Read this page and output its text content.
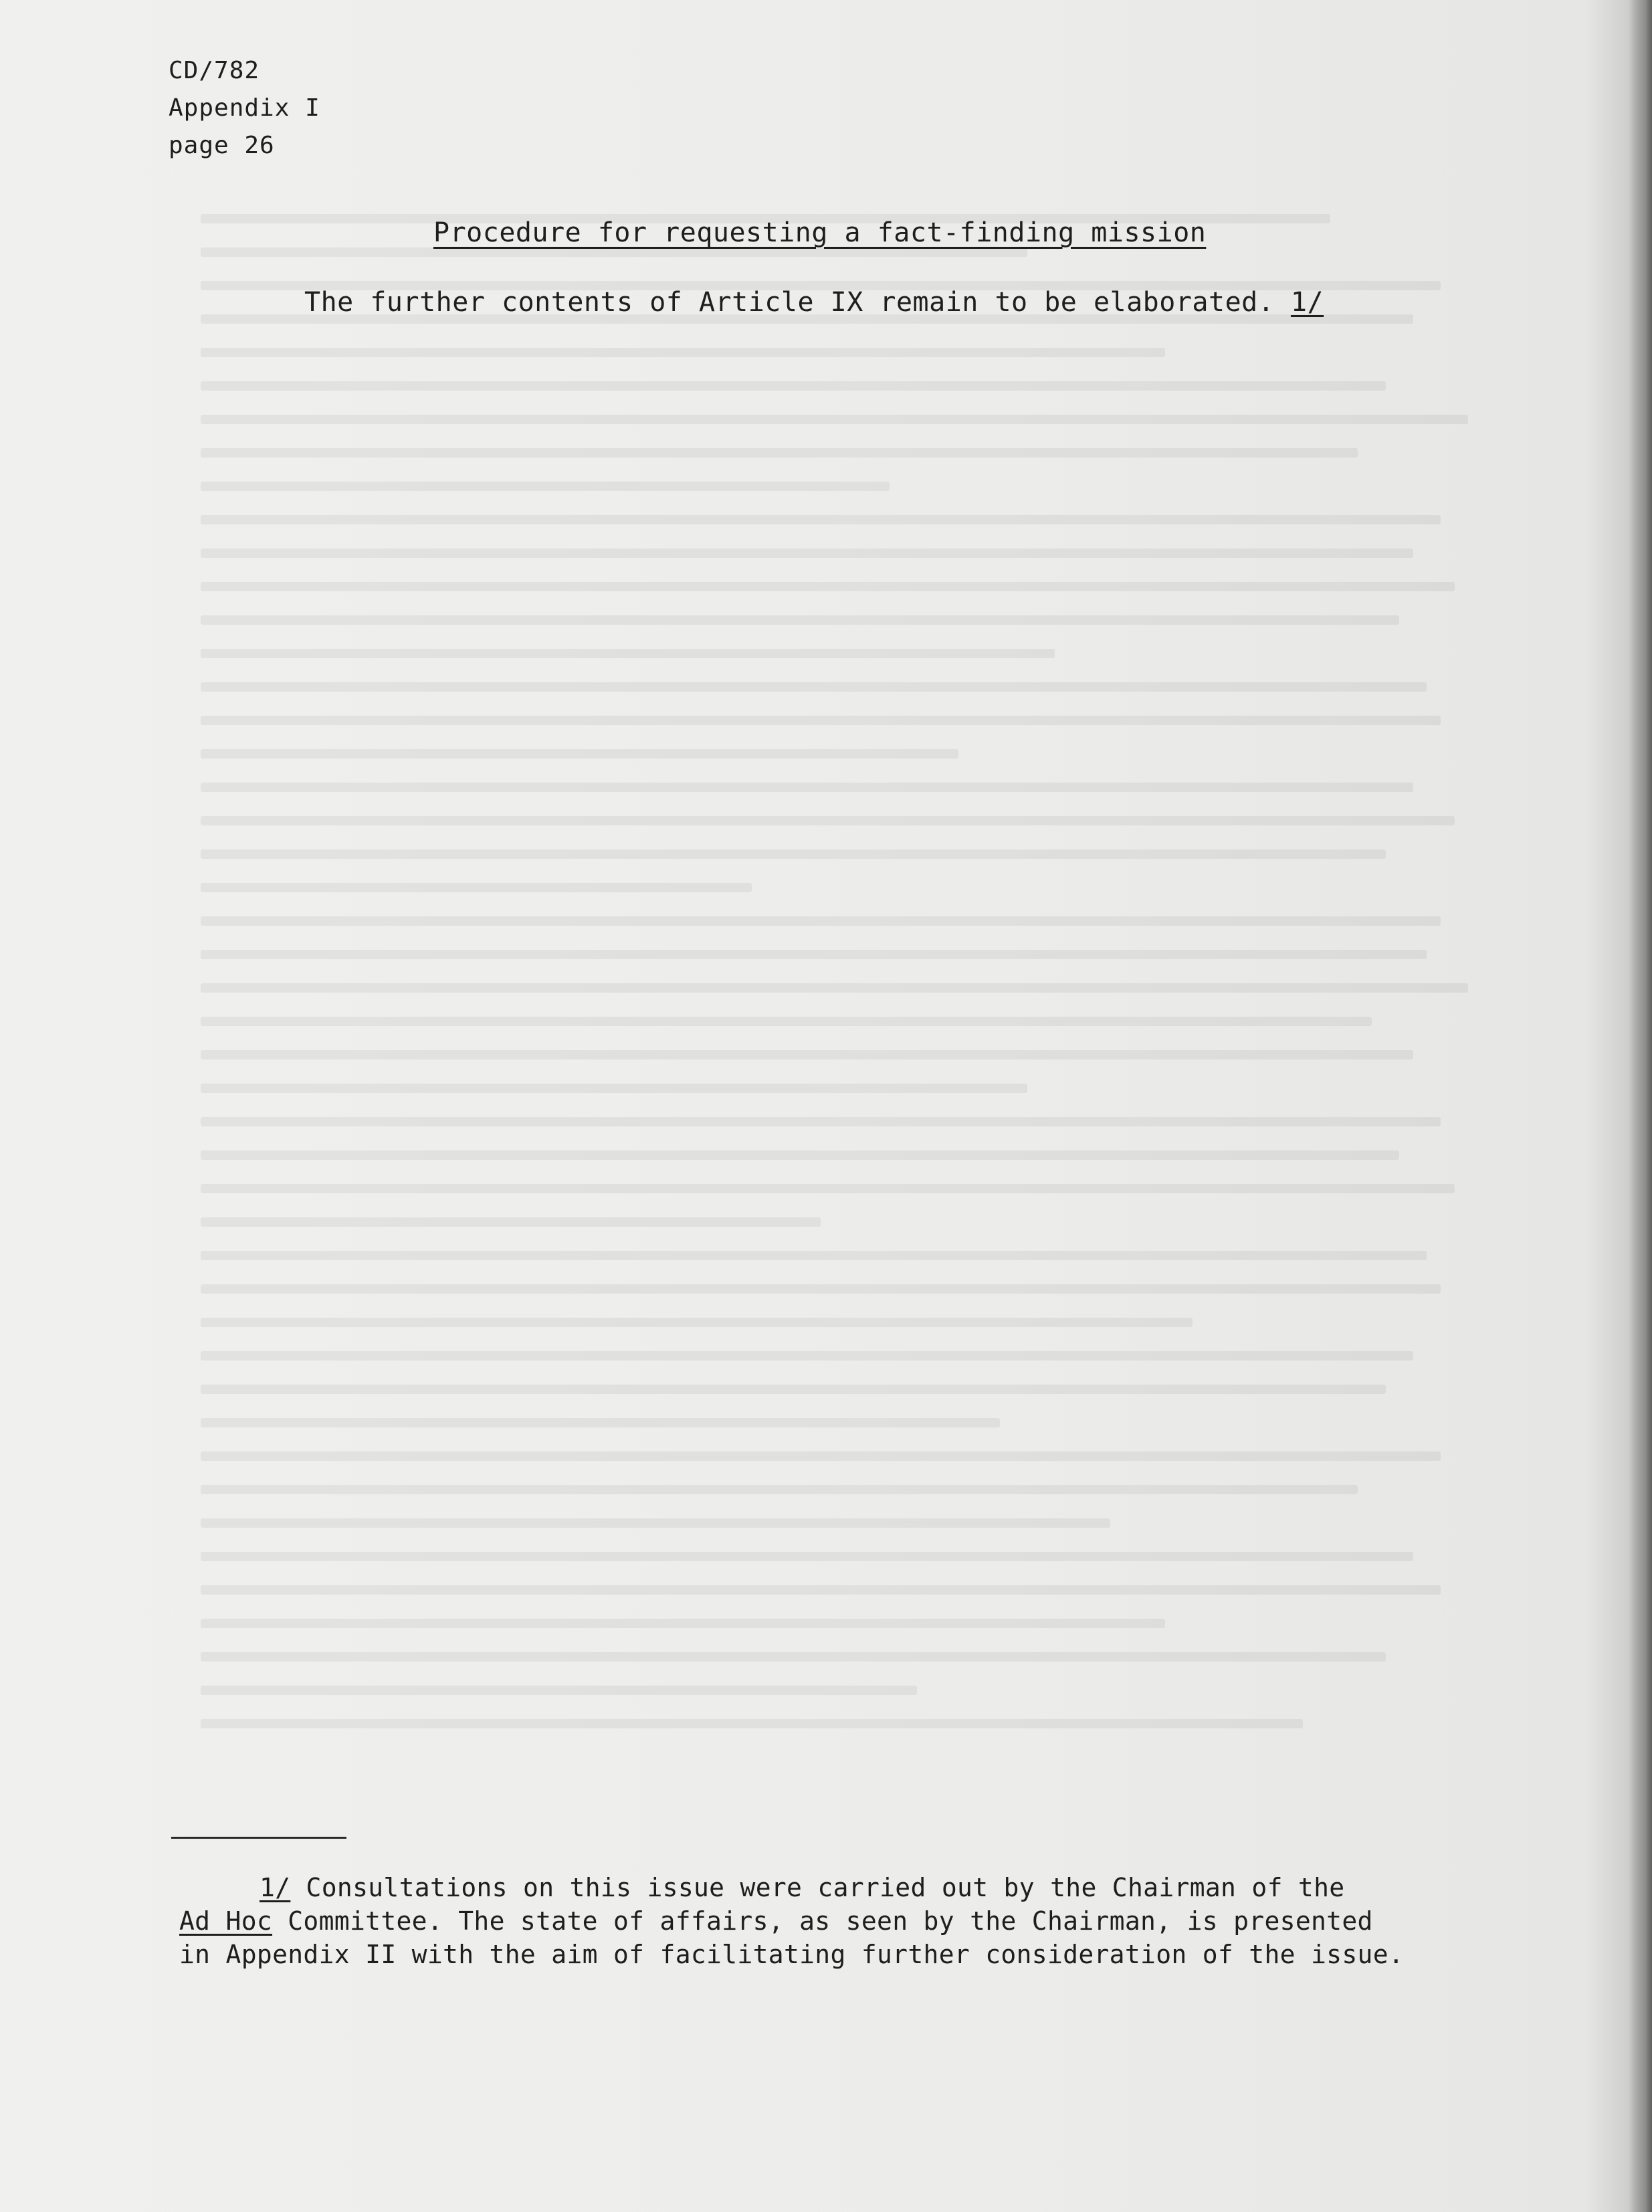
CD/782
Appendix I
page 26
Procedure for requesting a fact-finding mission
The further contents of Article IX remain to be elaborated. 1/
1/ Consultations on this issue were carried out by the Chairman of the
Ad Hoc Committee. The state of affairs, as seen by the Chairman, is presented
in Appendix II with the aim of facilitating further consideration of the issue.
